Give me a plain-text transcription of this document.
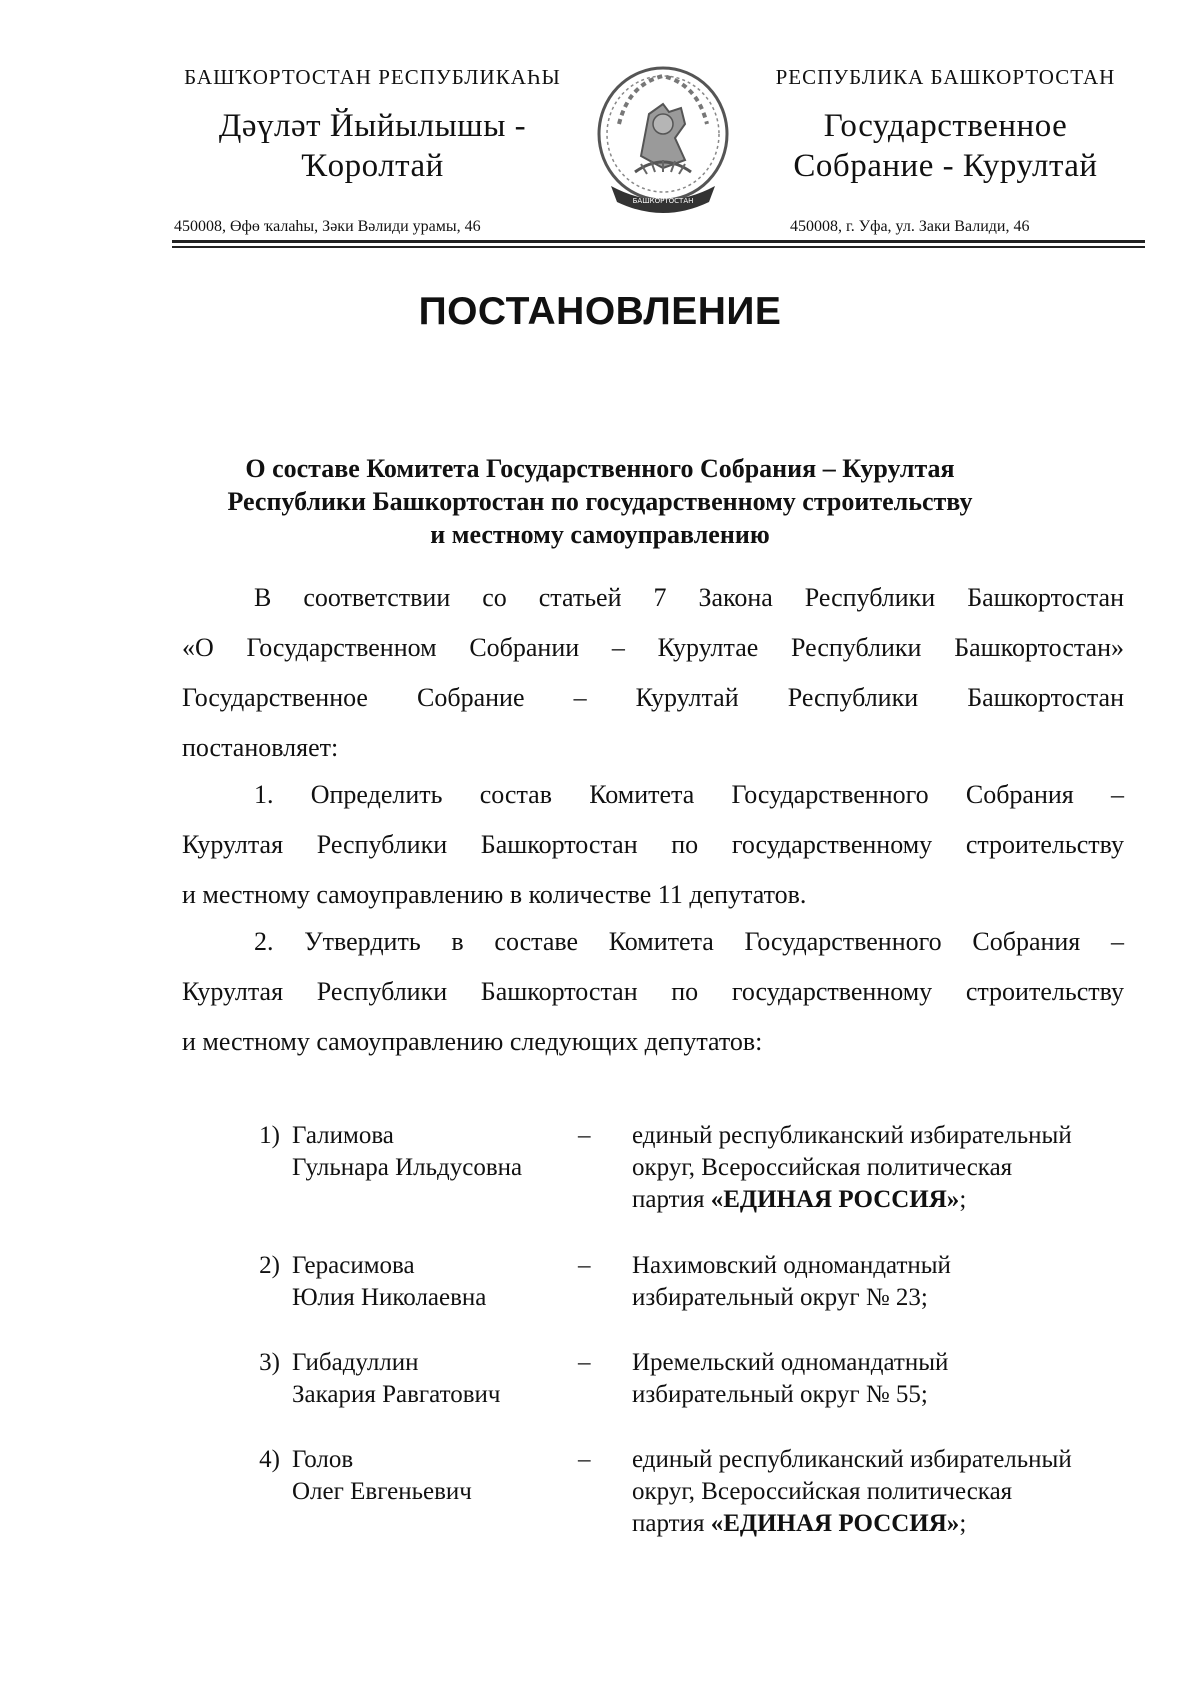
БАШҠОРТОСТАН РЕСПУБЛИКАҺЫ
Дәүләт Йыйылышы -
Ҡоролтай
БАШКОРТОСТАН
РЕСПУБЛИКА БАШКОРТОСТАН
Государственное
Собрание - Курултай
450008, Өфө ҡалаһы, Зәки Вәлиди урамы, 46	450008, г. Уфа, ул. Заки Валиди, 46
ПОСТАНОВЛЕНИЕ
О составе Комитета Государственного Собрания – Курултая
Республики Башкортостан по государственному строительству
и местному самоуправлению
В соответствии со статьей 7 Закона Республики Башкортостан
«О Государственном Собрании – Курултае Республики Башкортостан»
Государственное Собрание – Курултай Республики Башкортостан
постановляет:
1. Определить состав Комитета Государственного Собрания –
Курултая Республики Башкортостан по государственному строительству
и местному самоуправлению в количестве 11 депутатов.
2. Утвердить в составе Комитета Государственного Собрания –
Курултая Республики Башкортостан по государственному строительству
и местному самоуправлению следующих депутатов:
1) Галимова
Гульнара Ильдусовна
– единый республиканский избирательный
округ, Всероссийская политическая
партия «ЕДИНАЯ РОССИЯ»;
2) Герасимова
Юлия Николаевна
– Нахимовский одномандатный
избирательный округ № 23;
3) Гибадуллин
Закария Равгатович
– Иремельский одномандатный
избирательный округ № 55;
4) Голов
Олег Евгеньевич
– единый республиканский избирательный
округ, Всероссийская политическая
партия «ЕДИНАЯ РОССИЯ»;
